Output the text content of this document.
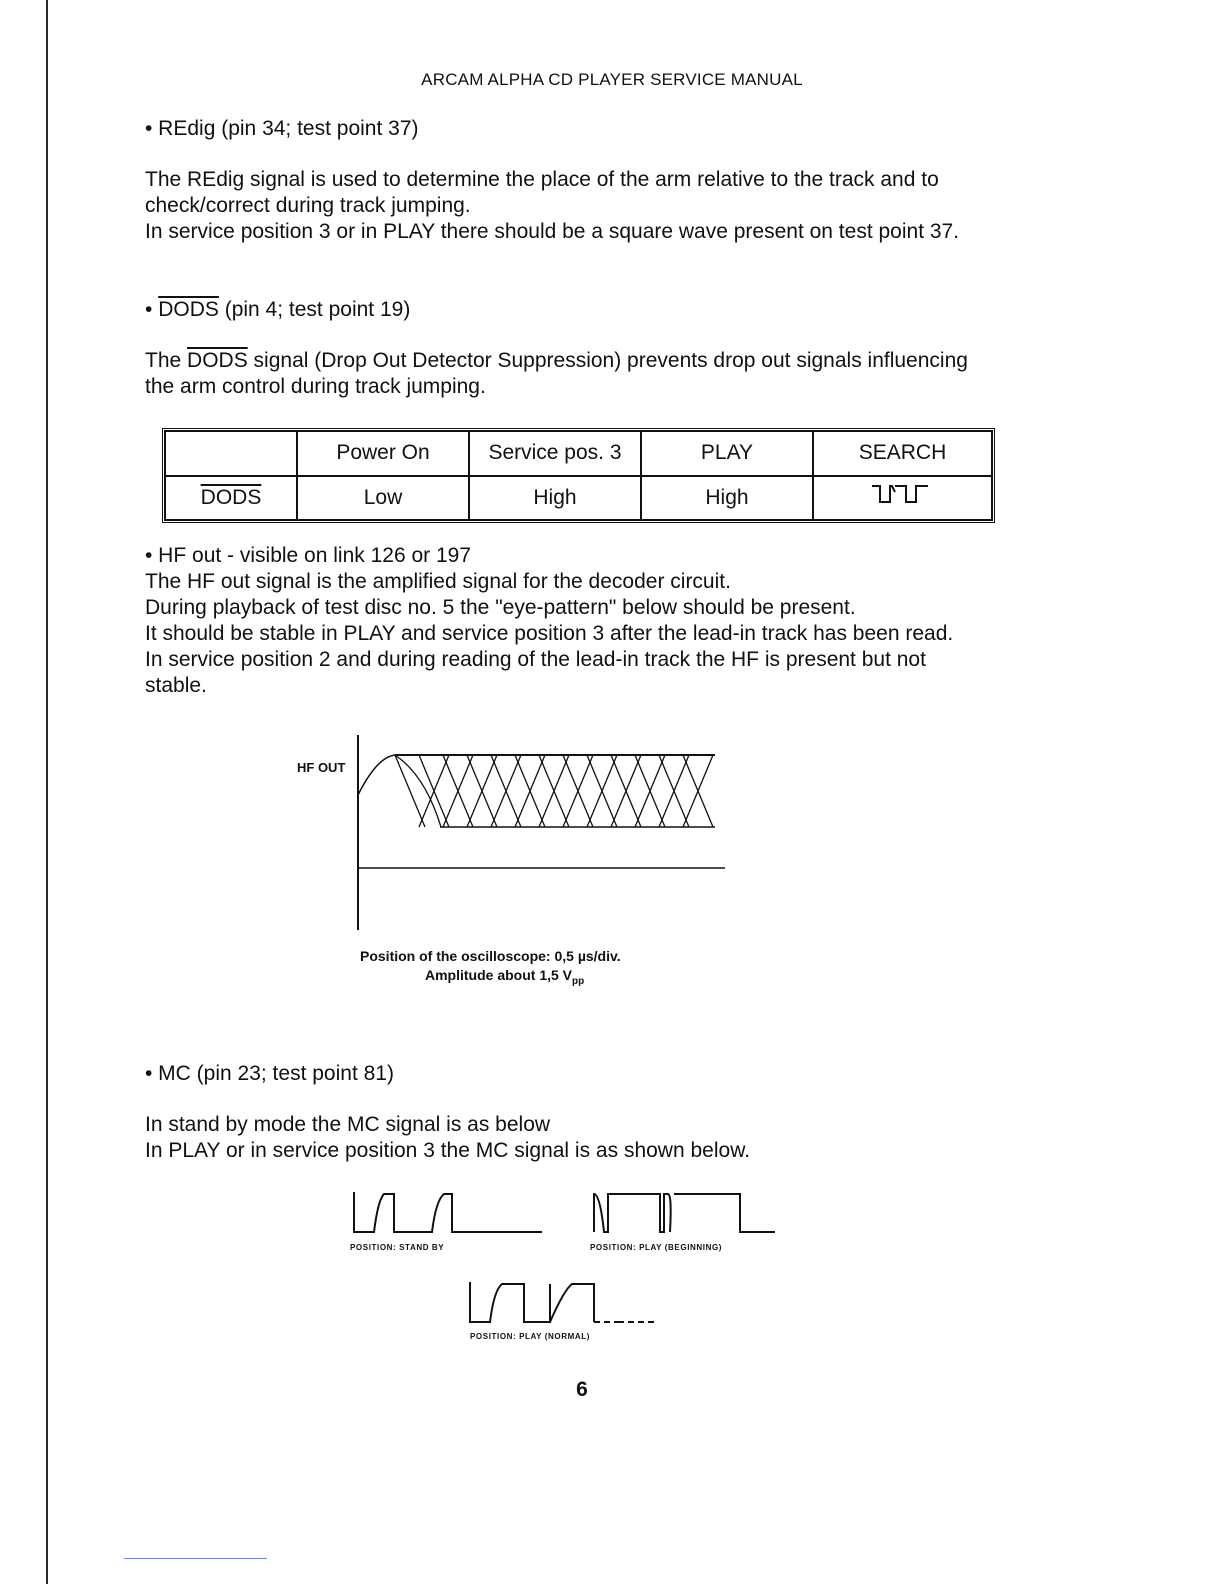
ARCAM ALPHA CD PLAYER SERVICE MANUAL
• REdig (pin 34; test point 37)
The REdig signal is used to determine the place of the arm relative to the track and to
check/correct during track jumping.
In service position 3 or in PLAY there should be a square wave present on test point 37.
• DODS (pin 4; test point 19)
The DODS signal (Drop Out Detector Suppression) prevents drop out signals influencing
the arm control during track jumping.
	Power On	Service pos. 3	PLAY	SEARCH
DODS	Low	High	High	
• HF out - visible on link 126 or 197
The HF out signal is the amplified signal for the decoder circuit.
During playback of test disc no. 5 the "eye-pattern" below should be present.
It should be stable in PLAY and service position 3 after the lead-in track has been read.
In service position 2 and during reading of the lead-in track the HF is present but not
stable.
HF OUT
Position of the oscilloscope: 0,5 µs/div.
Amplitude about 1,5 $V_{pp}$
• MC (pin 23; test point 81)
In stand by mode the MC signal is as below
In PLAY or in service position 3 the MC signal is as shown below.
POSITION: STAND BY	POSITION: PLAY (BEGINNING)
POSITION: PLAY (NORMAL)
6
